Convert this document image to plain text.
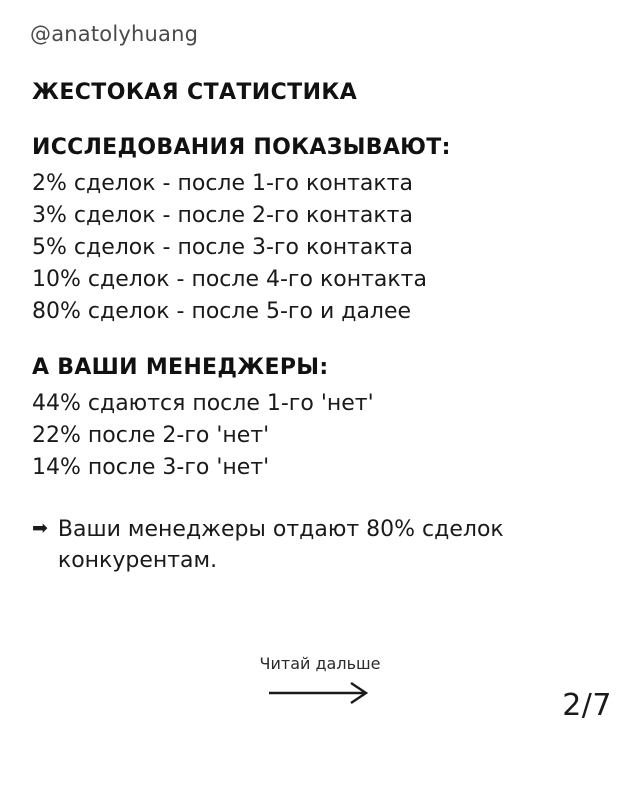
@anatolyhuang
ЖЕСТОКАЯ СТАТИСТИКА
ИССЛЕДОВАНИЯ ПОКАЗЫВАЮТ:
2% сделок - после 1-го контакта
3% сделок - после 2-го контакта
5% сделок - после 3-го контакта
10% сделок - после 4-го контакта
80% сделок - после 5-го и далее
А ВАШИ МЕНЕДЖЕРЫ:
44% сдаются после 1-го 'нет'
22% после 2-го 'нет'
14% после 3-го 'нет'
➡ Ваши менеджеры отдают 80% сделок конкурентам.
Читай дальше
2/7
